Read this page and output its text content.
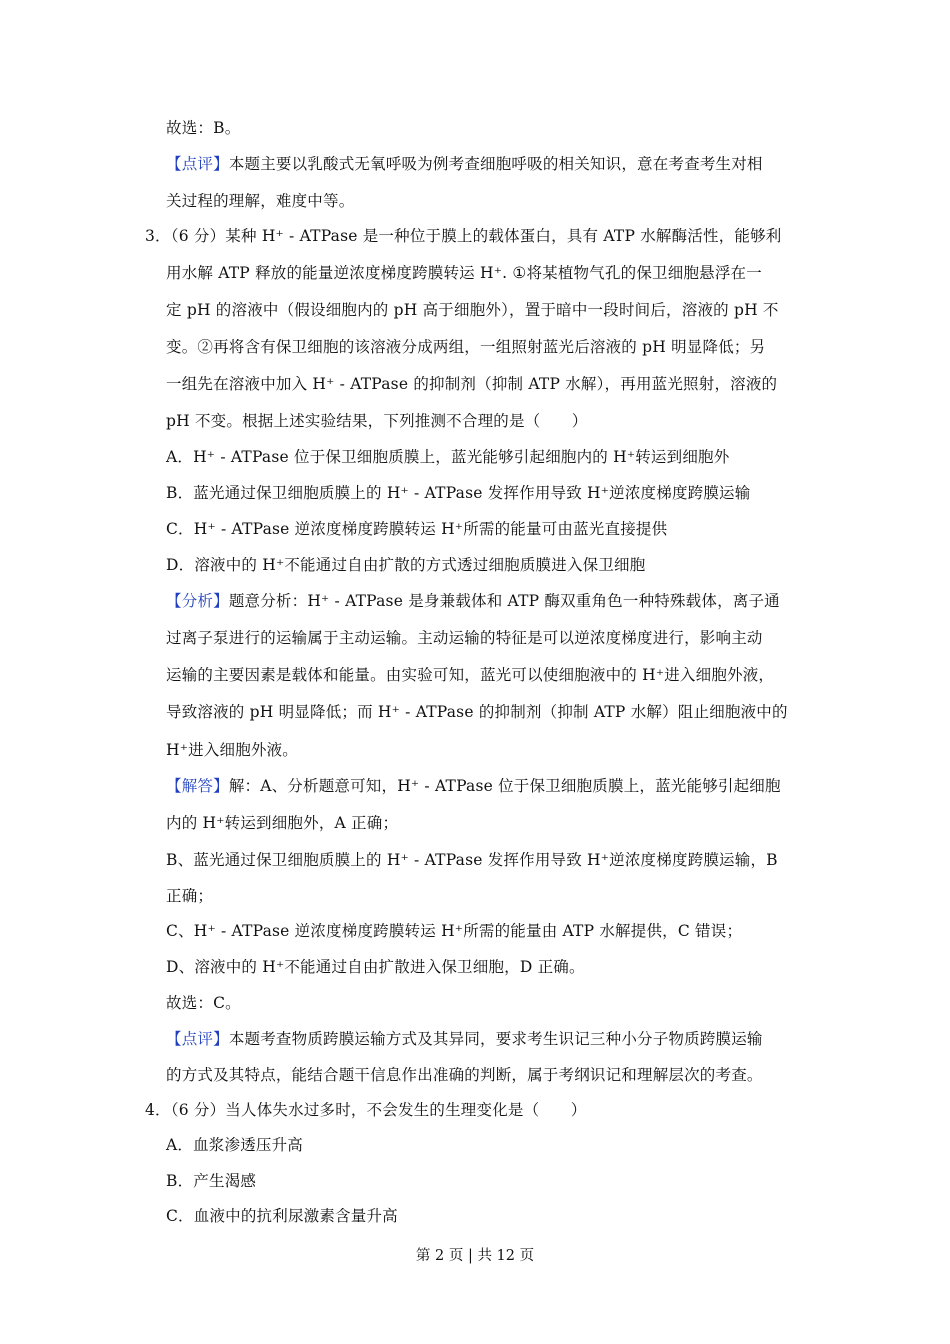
故选：B。
【点评】本题主要以乳酸式无氧呼吸为例考查细胞呼吸的相关知识，意在考查考生对相
关过程的理解，难度中等。
3．（6 分）某种 H⁺ - ATPase 是一种位于膜上的载体蛋白，具有 ATP 水解酶活性，能够利
用水解 ATP 释放的能量逆浓度梯度跨膜转运 H⁺. ①将某植物气孔的保卫细胞悬浮在一
定 pH 的溶液中（假设细胞内的 pH 高于细胞外），置于暗中一段时间后，溶液的 pH 不
变。②再将含有保卫细胞的该溶液分成两组，一组照射蓝光后溶液的 pH 明显降低；另
一组先在溶液中加入 H⁺ - ATPase 的抑制剂（抑制 ATP 水解），再用蓝光照射，溶液的
pH 不变。根据上述实验结果，下列推测不合理的是（　　）
A．H⁺ - ATPase 位于保卫细胞质膜上，蓝光能够引起细胞内的 H⁺转运到细胞外
B．蓝光通过保卫细胞质膜上的 H⁺ - ATPase 发挥作用导致 H⁺逆浓度梯度跨膜运输
C．H⁺ - ATPase 逆浓度梯度跨膜转运 H⁺所需的能量可由蓝光直接提供
D．溶液中的 H⁺不能通过自由扩散的方式透过细胞质膜进入保卫细胞
【分析】题意分析：H⁺ - ATPase 是身兼载体和 ATP 酶双重角色一种特殊载体，离子通
过离子泵进行的运输属于主动运输。主动运输的特征是可以逆浓度梯度进行，影响主动
运输的主要因素是载体和能量。由实验可知，蓝光可以使细胞液中的 H⁺进入细胞外液，
导致溶液的 pH 明显降低；而 H⁺ - ATPase 的抑制剂（抑制 ATP 水解）阻止细胞液中的
H⁺进入细胞外液。
【解答】解：A、分析题意可知，H⁺ - ATPase 位于保卫细胞质膜上，蓝光能够引起细胞
内的 H⁺转运到细胞外，A 正确；
B、蓝光通过保卫细胞质膜上的 H⁺ - ATPase 发挥作用导致 H⁺逆浓度梯度跨膜运输，B
正确；
C、H⁺ - ATPase 逆浓度梯度跨膜转运 H⁺所需的能量由 ATP 水解提供，C 错误；
D、溶液中的 H⁺不能通过自由扩散进入保卫细胞，D 正确。
故选：C。
【点评】本题考查物质跨膜运输方式及其异同，要求考生识记三种小分子物质跨膜运输
的方式及其特点，能结合题干信息作出准确的判断，属于考纲识记和理解层次的考查。
4．（6 分）当人体失水过多时，不会发生的生理变化是（　　）
A．血浆渗透压升高
B．产生渴感
C．血液中的抗利尿激素含量升高
第 2 页 | 共 12 页
